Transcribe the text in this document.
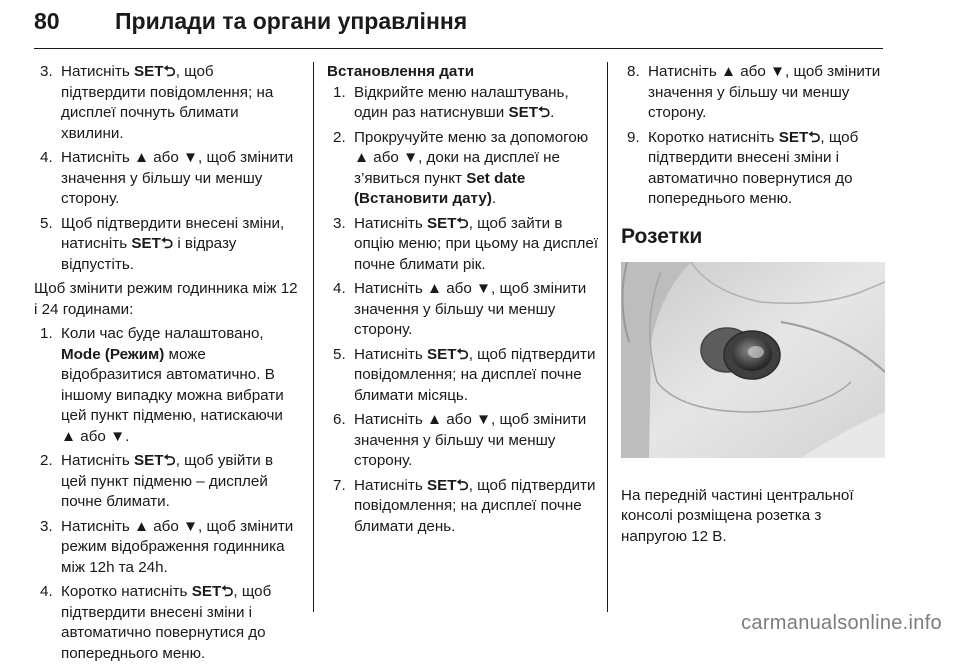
80 Прилади та органи управління
3. Натисніть SET⮌, щоб підтвердити повідомлення; на дисплеї почнуть блимати хвилини.
4. Натисніть ▲ або ▼, щоб змінити значення у більшу чи меншу сторону.
5. Щоб підтвердити внесені зміни, натисніть SET⮌ і відразу відпустіть.

Щоб змінити режим годинника між 12 і 24 годинами:

1. Коли час буде налаштовано, Mode (Режим) може відобразитися автоматично. В іншому випадку можна вибрати цей пункт підменю, натискаючи ▲ або ▼.
2. Натисніть SET⮌, щоб увійти в цей пункт підменю – дисплей почне блимати.
3. Натисніть ▲ або ▼, щоб змінити режим відображення годинника між 12h та 24h.
4. Коротко натисніть SET⮌, щоб підтвердити внесені зміни і автоматично повернутися до попереднього меню.
Встановлення дати
1. Відкрийте меню налаштувань, один раз натиснувши SET⮌.
2. Прокручуйте меню за допомогою ▲ або ▼, доки на дисплеї не з’явиться пункт Set date (Встановити дату).
3. Натисніть SET⮌, щоб зайти в опцію меню; при цьому на дисплеї почне блимати рік.
4. Натисніть ▲ або ▼, щоб змінити значення у більшу чи меншу сторону.
5. Натисніть SET⮌, щоб підтвердити повідомлення; на дисплеї почне блимати місяць.
6. Натисніть ▲ або ▼, щоб змінити значення у більшу чи меншу сторону.
7. Натисніть SET⮌, щоб підтвердити повідомлення; на дисплеї почне блимати день.
8. Натисніть ▲ або ▼, щоб змінити значення у більшу чи меншу сторону.
9. Коротко натисніть SET⮌, щоб підтвердити внесені зміни і автоматично повернутися до попереднього меню.
Розетки

На передній частині центральної консолі розміщена розетка з напругою 12 В.

carmanualsonline.info
